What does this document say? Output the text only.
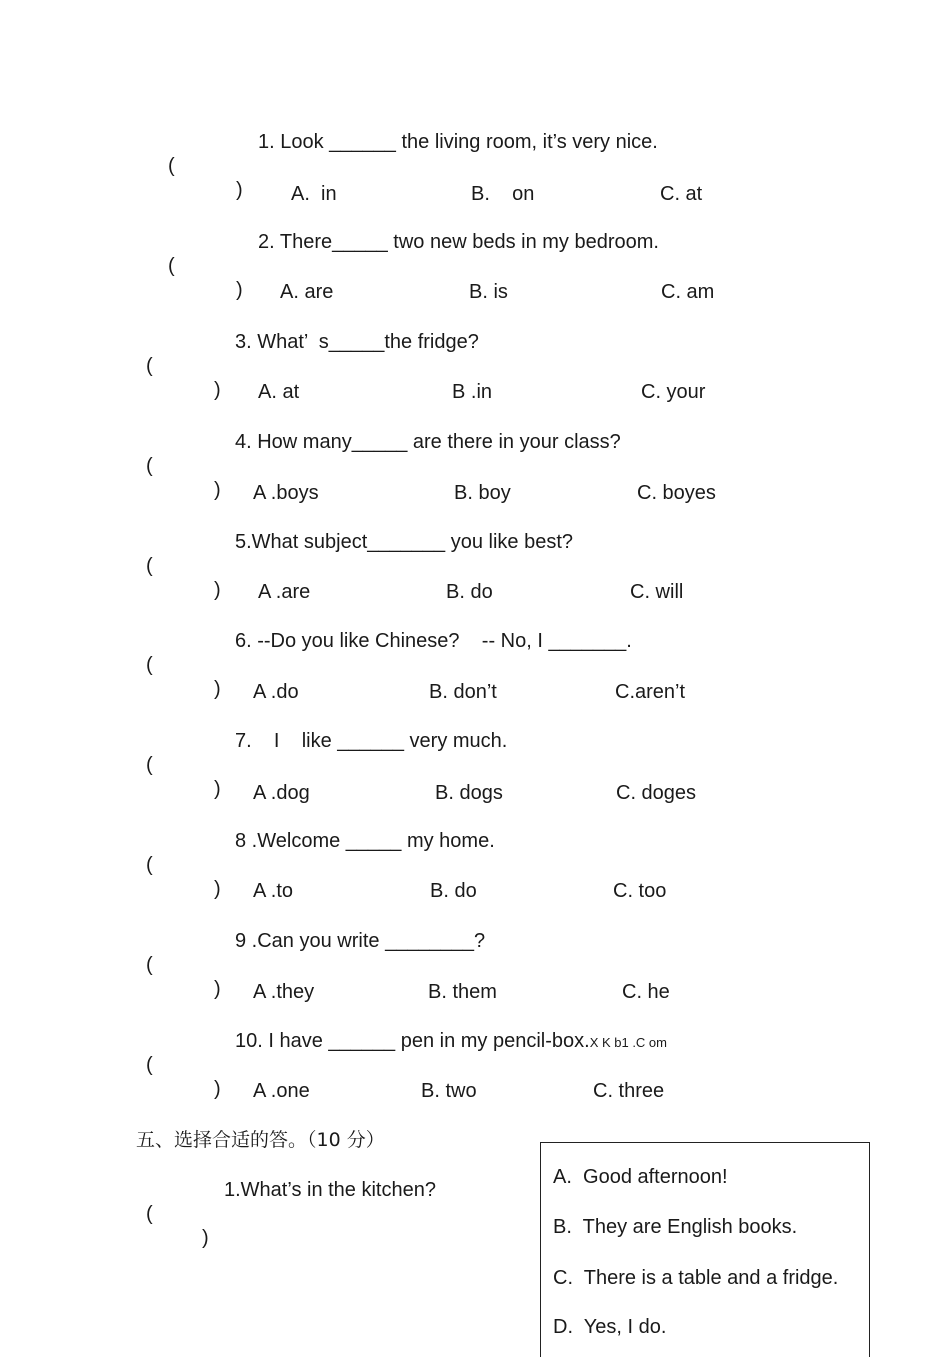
(

)

1. Look ______ the living room, it’s very nice.
A.  in	B.    on	C. at

(

)

2. There_____ two new beds in my bedroom.
A. are	B. is	C. am

(

)

3. What’  s_____the fridge?
A. at	B .in	C. your

(

)

4. How many_____ are there in your class?
A .boys	B. boy	C. boyes

(

)

5.What subject_______ you like best?
A .are	B. do	C. will

(

)

6. --Do you like Chinese?    -- No, I _______.
A .do	B. don’t	C.aren’t

(

)

7.    I    like ______ very much.
A .dog	B. dogs	C. doges

(

)

8 .Welcome _____ my home.
A .to	B. do	C. too

(

)

9 .Can you write ________?
A .they	B. them	C. he

(

)

10. I have ______ pen in my pencil-box.X K b1 .C om
A .one	B. two	C. three
五、选择合适的答。（10 分）

(

)

1.What’s in the kitchen?
A.  Good afternoon!
B.  They are English books.
C.  There is a table and a fridge.
D.  Yes, I do.
